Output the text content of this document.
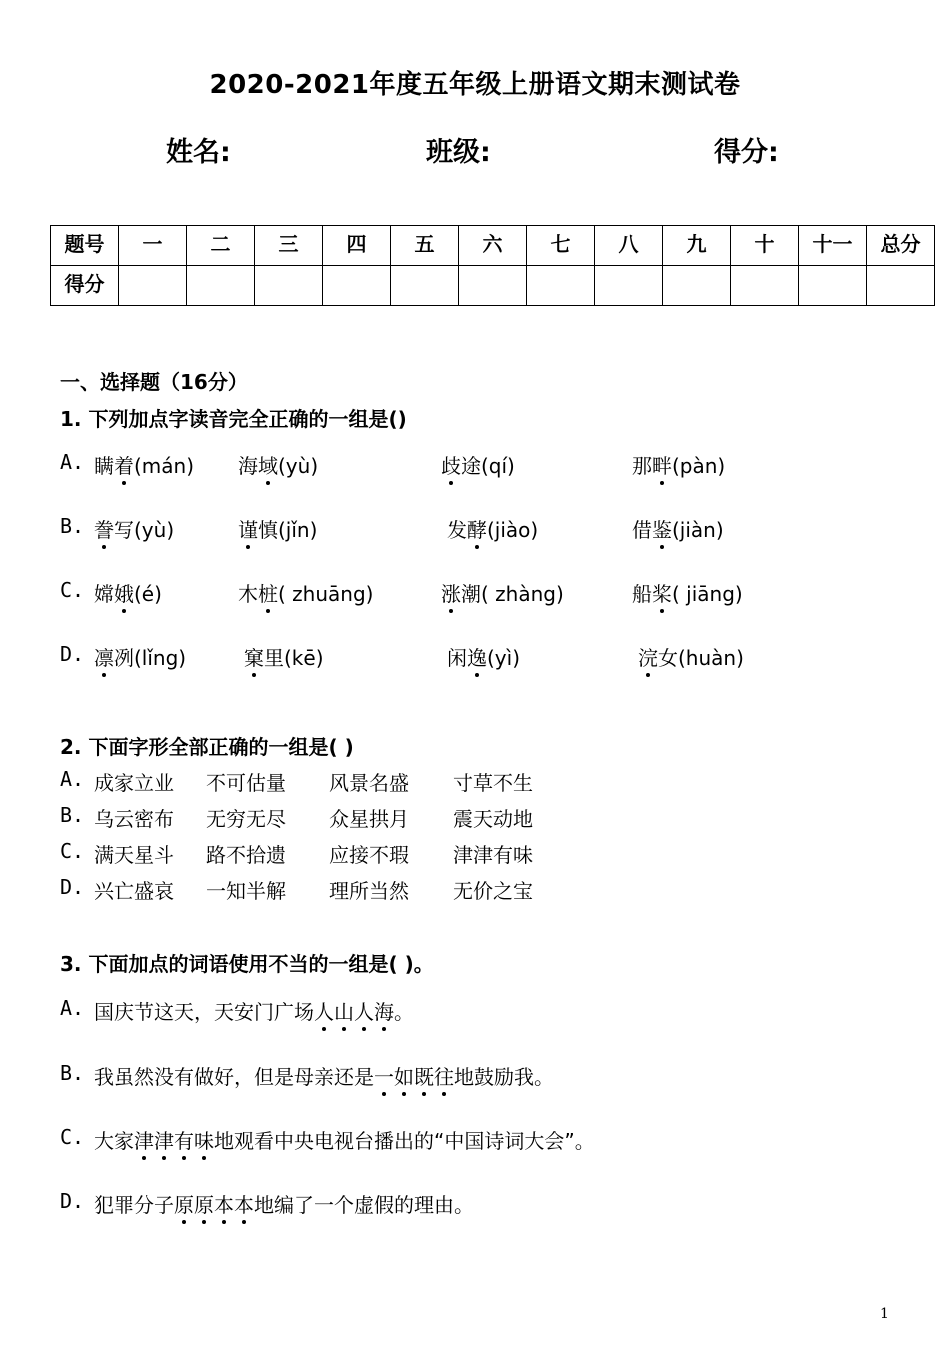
2020-2021年度五年级上册语文期末测试卷
姓名:	班级:	得分:
题号	一	二	三	四	五	六	七	八	九	十	十一	总分
得分												
一、选择题（16分）
1. 下列加点字读音完全正确的一组是()
A. 瞒着(mán) 海域(yù)	歧途(qí)	那畔(pàn)
B. 誊写(yù)	谨慎(jǐn)	发酵(jiào)	借鉴(jiàn)
C. 嫦娥(é)	木桩( zhuāng)	涨潮( zhàng)	船桨( jiāng)
D. 凛冽(lǐng)	窠里(kē)	闲逸(yì)	浣女(huàn)
2. 下面字形全部正确的一组是( )
A. 成家立业 不可估量 风景名盛 寸草不生
B. 乌云密布 无穷无尽 众星拱月 震天动地
C. 满天星斗 路不拾遗 应接不瑕 津津有味
D. 兴亡盛哀 一知半解 理所当然 无价之宝
3. 下面加点的词语使用不当的一组是( )。
A. 国庆节这天，天安门广场人山人海。
B. 我虽然没有做好，但是母亲还是一如既往地鼓励我。
C. 大家津津有味地观看中央电视台播出的“中国诗词大会”。
D. 犯罪分子原原本本地编了一个虚假的理由。
1
